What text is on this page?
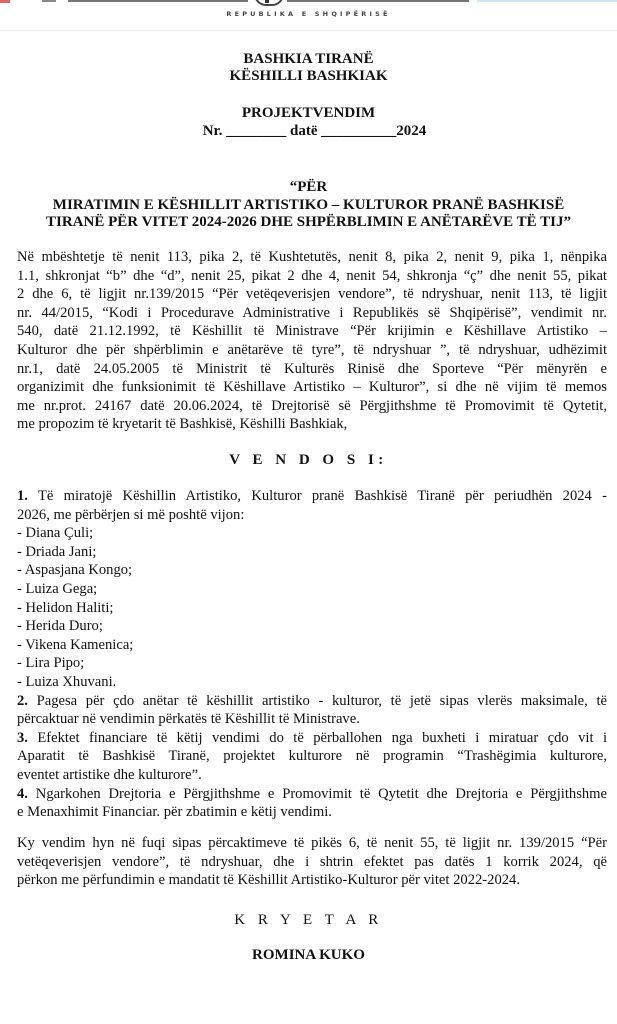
REPUBLIKA E SHQIPËRISË
BASHKIA TIRANË
KËSHILLI BASHKIAK
PROJEKTVENDIM
Nr. ________ datë __________2024
“PËR
MIRATIMIN E KËSHILLIT ARTISTIKO – KULTUROR PRANË BASHKISË
TIRANË PËR VITET 2024-2026 DHE SHPËRBLIMIN E ANËTARËVE TË TIJ”
Në mbështetje të nenit 113, pika 2, të Kushtetutës, nenit 8, pika 2, nenit 9, pika 1, nënpika
1.1, shkronjat “b” dhe “d”, nenit 25, pikat 2 dhe 4, nenit 54, shkronja “ç” dhe nenit 55, pikat
2 dhe 6, të ligjit nr.139/2015 “Për vetëqeverisjen vendore”, të ndryshuar, nenit 113, të ligjit
nr. 44/2015, “Kodi i Procedurave Administrative i Republikës së Shqipërisë”, vendimit nr.
540, datë 21.12.1992, të Këshillit të Ministrave “Për krijimin e Këshillave Artistiko –
Kulturor dhe për shpërblimin e anëtarëve të tyre”, të ndryshuar ”, të ndryshuar, udhëzimit
nr.1, datë 24.05.2005 të Ministrit të Kulturës Rinisë dhe Sporteve “Për mënyrën e
organizimit dhe funksionimit të Këshillave Artistiko – Kulturor”, si dhe në vijim të memos
me nr.prot. 24167 datë 20.06.2024, të Drejtorisë së Përgjithshme të Promovimit të Qytetit,
me propozim të kryetarit të Bashkisë, Këshilli Bashkiak,
V E N D O S I:
1. Të miratojë Këshillin Artistiko, Kulturor pranë Bashkisë Tiranë për periudhën 2024 -
2026, me përbërjen si më poshtë vijon:
- Diana Çuli;
- Driada Jani;
- Aspasjana Kongo;
- Luiza Gega;
- Helidon Haliti;
- Herida Duro;
- Vikena Kamenica;
- Lira Pipo;
- Luiza Xhuvani.
2. Pagesa për çdo anëtar të këshillit artistiko - kulturor, të jetë sipas vlerës maksimale, të
përcaktuar në vendimin përkatës të Këshillit të Ministrave.
3. Efektet financiare të këtij vendimi do të përballohen nga buxheti i miratuar çdo vit i
Aparatit të Bashkisë Tiranë, projektet kulturore në programin “Trashëgimia kulturore,
eventet artistike dhe kulturore”.
4. Ngarkohen Drejtoria e Përgjithshme e Promovimit të Qytetit dhe Drejtoria e Përgjithshme
e Menaxhimit Financiar. për zbatimin e këtij vendimi.
Ky vendim hyn në fuqi sipas përcaktimeve të pikës 6, të nenit 55, të ligjit nr. 139/2015 “Për
vetëqeverisjen vendore”, të ndryshuar, dhe i shtrin efektet pas datës 1 korrik 2024, që
përkon me përfundimin e mandatit të Këshillit Artistiko-Kulturor për vitet 2022-2024.
K R Y E T A R
ROMINA KUKO
